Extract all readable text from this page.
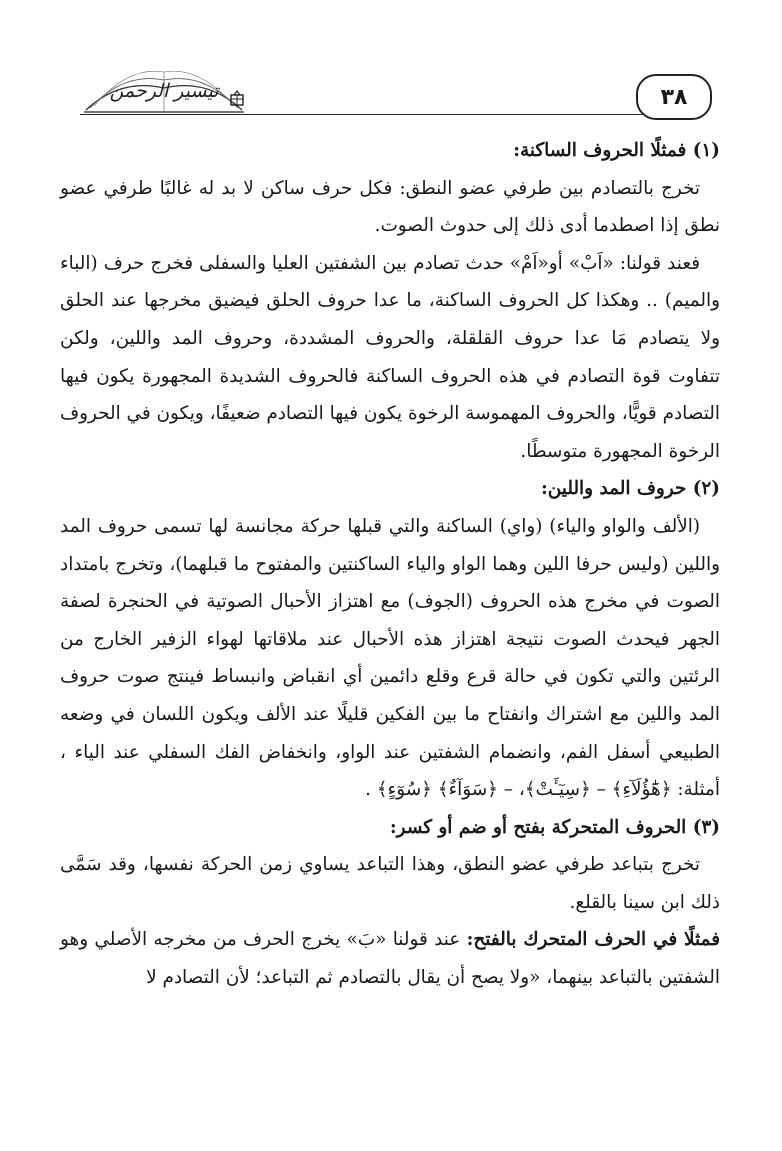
تيسير الرحمن	٣٨

(١) فمثلًا الحروف الساكنة:

تخرج بالتصادم بين طرفي عضو النطق: فكل حرف ساكن لا بد له غالبًا طرفي عضو نطق إذا اصطدما أدى ذلك إلى حدوث الصوت.

فعند قولنا: «اَبْ» أو«اَمْ» حدث تصادم بين الشفتين العليا والسفلى فخرج حرف (الباء والميم) .. وهكذا كل الحروف الساكنة، ما عدا حروف الحلق فيضيق مخرجها عند الحلق ولا يتصادم مَا عدا حروف القلقلة، والحروف المشددة، وحروف المد واللين، ولكن تتفاوت قوة التصادم في هذه الحروف الساكنة فالحروف الشديدة المجهورة يكون فيها التصادم قويًّا، والحروف المهموسة الرخوة يكون فيها التصادم ضعيفًا، ويكون في الحروف الرخوة المجهورة متوسطًا.

(٢) حروف المد واللين:

(الألف والواو والياء) (واي) الساكنة والتي قبلها حركة مجانسة لها تسمى حروف المد واللين (وليس حرفا اللين وهما الواو والياء الساكنتين والمفتوح ما قبلهما)، وتخرج بامتداد الصوت في مخرج هذه الحروف (الجوف) مع اهتزاز الأحبال الصوتية في الحنجرة لصفة الجهر فيحدث الصوت نتيجة اهتزاز هذه الأحبال عند ملاقاتها لهواء الزفير الخارج من الرئتين والتي تكون في حالة قرع وقلع دائمين أي انقباض وانبساط فينتج صوت حروف المد واللين مع اشتراك وانفتاح ما بين الفكين قليلًا عند الألف ويكون اللسان في وضعه الطبيعي أسفل الفم، وانضمام الشفتين عند الواو، وانخفاض الفك السفلي عند الياء ، أمثلة: ﴿هَٰٓؤُلَآءِ﴾ – ﴿سِيٓـَٔتْ﴾، – ﴿سَوَآءٌ﴾ ﴿سُوٓءٍ﴾ .

(٣) الحروف المتحركة بفتح أو ضم أو كسر:

تخرج بتباعد طرفي عضو النطق، وهذا التباعد يساوي زمن الحركة نفسها، وقد سَمَّى ذلك ابن سينا بالقلع.

فمثلًا في الحرف المتحرك بالفتح: عند قولنا «بَ» يخرج الحرف من مخرجه الأصلي وهو الشفتين بالتباعد بينهما، «ولا يصح أن يقال بالتصادم ثم التباعد؛ لأن التصادم لا
